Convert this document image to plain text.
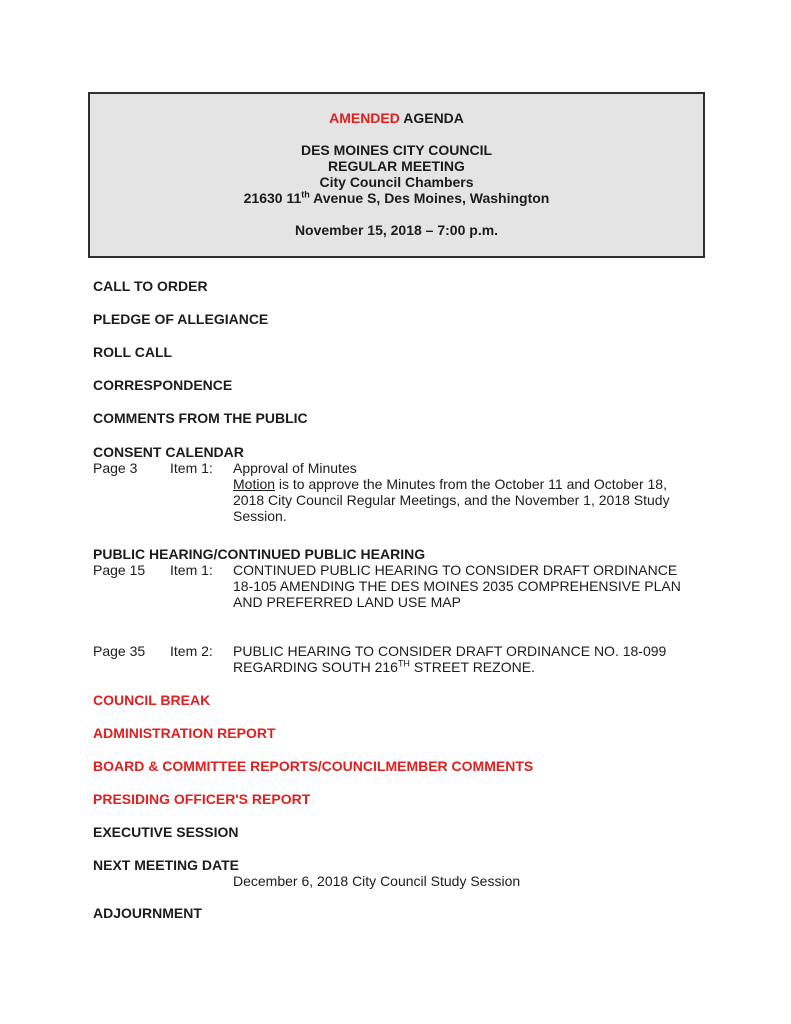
AMENDED AGENDA
DES MOINES CITY COUNCIL
REGULAR MEETING
City Council Chambers
21630 11th Avenue S, Des Moines, Washington
November 15, 2018 – 7:00 p.m.
CALL TO ORDER
PLEDGE OF ALLEGIANCE
ROLL CALL
CORRESPONDENCE
COMMENTS FROM THE PUBLIC
CONSENT CALENDAR
Page 3	Item 1:	Approval of Minutes
Motion is to approve the Minutes from the October 11 and October 18, 2018 City Council Regular Meetings, and the November 1, 2018 Study Session.
PUBLIC HEARING/CONTINUED PUBLIC HEARING
Page 15	Item 1:	CONTINUED PUBLIC HEARING TO CONSIDER DRAFT ORDINANCE 18-105 AMENDING THE DES MOINES 2035 COMPREHENSIVE PLAN AND PREFERRED LAND USE MAP
Page 35	Item 2:	PUBLIC HEARING TO CONSIDER DRAFT ORDINANCE NO. 18-099 REGARDING SOUTH 216TH STREET REZONE.
COUNCIL BREAK
ADMINISTRATION REPORT
BOARD & COMMITTEE REPORTS/COUNCILMEMBER COMMENTS
PRESIDING OFFICER'S REPORT
EXECUTIVE SESSION
NEXT MEETING DATE
December 6, 2018 City Council Study Session
ADJOURNMENT
